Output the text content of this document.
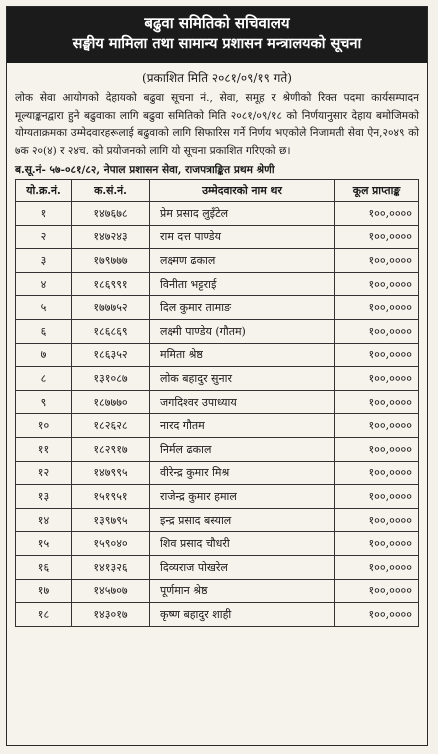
बढुवा समितिको सचिवालय
सङ्घीय मामिला तथा सामान्य प्रशासन मन्त्रालयको सूचना
(प्रकाशित मिति २०८१/०९/१९ गते)
लोक सेवा आयोगको देहायको बढुवा सूचना नं., सेवा, समूह र श्रेणीको रिक्त पदमा कार्यसम्पादन मूल्याङ्कनद्वारा हुने बढुवाका लागि बढुवा समितिको मिति २०८१/०९/१८ को निर्णयानुसार देहाय बमोजिमको योग्यताक्रमका उम्मेदवारहरूलाई बढुवाको लागि सिफारिस गर्ने निर्णय भएकोले निजामती सेवा ऐन,२०४९ को ७क २०(४) र २४च. को प्रयोजनको लागि यो सूचना प्रकाशित गरिएको छ।
ब.सू.नं- ५७-०८१/८२, नेपाल प्रशासन सेवा, राजपत्राङ्कित प्रथम श्रेणी
यो.क्र.नं.	क.सं.नं.	उम्मेदवारको नाम थर	कूल प्राप्ताङ्क
१	१४७६७८	प्रेम प्रसाद लुइँटेल	१००,००००
२	१४७२४३	राम दत्त पाण्डेय	१००,००००
३	१७९७७७	लक्ष्मण ढकाल	१००,००००
४	१८६९९१	विनीता भट्टराई	१००,००००
५	१७७७५२	दिल कुमार तामाङ	१००,००००
६	१८६८६९	लक्ष्मी पाण्डेय (गौतम)	१००,००००
७	१८६३५२	ममिता श्रेष्ठ	१००,००००
८	१३१०८७	लोक बहादुर सुनार	१००,००००
९	१८७७७०	जगदिश्वर उपाध्याय	१००,००००
१०	१८२६२८	नारद गौतम	१००,००००
११	१८२९१७	निर्मल ढकाल	१००,००००
१२	१४७९९५	वीरेन्द्र कुमार मिश्र	१००,००००
१३	१५१९५१	राजेन्द्र कुमार हमाल	१००,००००
१४	१३९७९५	इन्द्र प्रसाद बस्याल	१००,००००
१५	१५९०४०	शिव प्रसाद चौधरी	१००,००००
१६	१४१३२६	दिव्यराज पोखरेल	१००,००००
१७	१४५७०७	पूर्णमान श्रेष्ठ	१००,००००
१८	१४३०१७	कृष्ण बहादुर शाही	१००,००००
